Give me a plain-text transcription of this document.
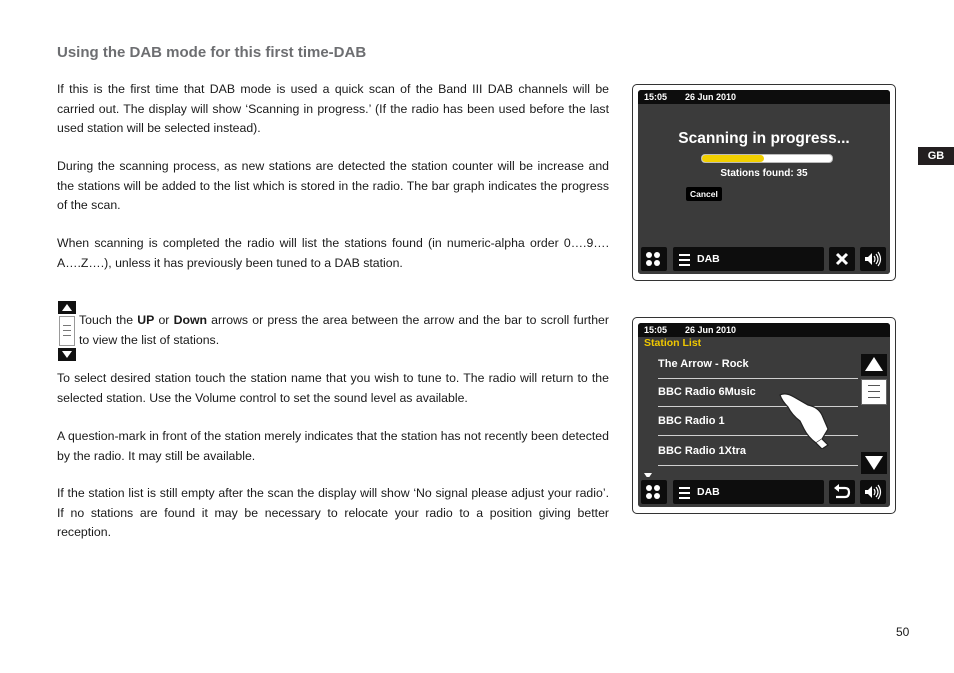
Using the DAB mode for this first time-DAB

If this is the first time that DAB mode is used a quick scan of the Band III DAB channels will be carried out. The display will show ‘Scanning in progress.’ (If the radio has been used before the last used station will be selected instead).

During the scanning process, as new stations are detected the station counter will be increase and the stations will be added to the list which is stored in the radio. The bar graph indicates the progress of the scan.

When scanning is completed the radio will list the stations found (in numeric-alpha order 0….9…. A….Z….), unless it has previously been tuned to a DAB station.

Touch the UP or Down arrows or press the area between the arrow and the bar to scroll further to view the list of stations.

To select desired station touch the station name that you wish to tune to. The radio will return to the selected station. Use the Volume control to set the sound level as available.

A question-mark in front of the station merely indicates that the station has not recently been detected by the radio. It may still be available.

If the station list is still empty after the scan the display will show ‘No signal please adjust your radio’. If no stations are found it may be necessary to relocate your radio to a position giving better reception.

GB
50
15:05 26 Jun 2010
Scanning in progress...
Stations found: 35
Cancel
DAB
15:05 26 Jun 2010
Station List
The Arrow - Rock
BBC Radio 6Music
BBC Radio 1
BBC Radio 1Xtra
DAB
